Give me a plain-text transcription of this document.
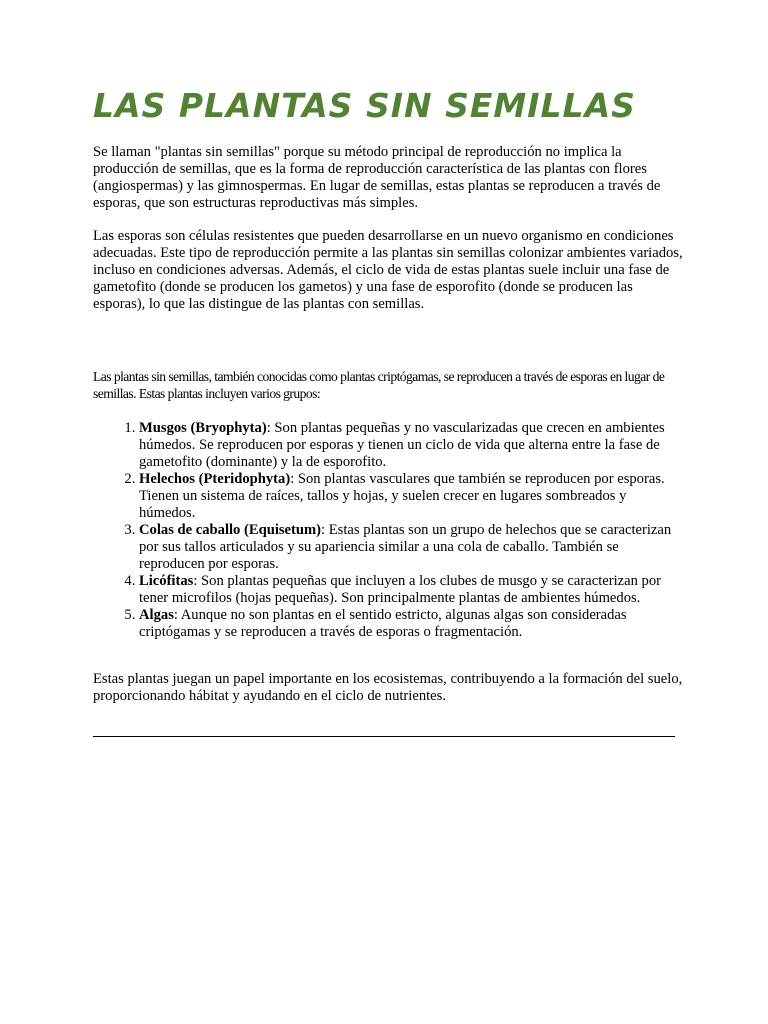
LAS PLANTAS SIN SEMILLAS

Se llaman "plantas sin semillas" porque su método principal de reproducción no implica la producción de semillas, que es la forma de reproducción característica de las plantas con flores (angiospermas) y las gimnospermas. En lugar de semillas, estas plantas se reproducen a través de esporas, que son estructuras reproductivas más simples.

Las esporas son células resistentes que pueden desarrollarse en un nuevo organismo en condiciones adecuadas. Este tipo de reproducción permite a las plantas sin semillas colonizar ambientes variados, incluso en condiciones adversas. Además, el ciclo de vida de estas plantas suele incluir una fase de gametofito (donde se producen los gametos) y una fase de esporofito (donde se producen las esporas), lo que las distingue de las plantas con semillas.

Las plantas sin semillas, también conocidas como plantas criptógamas, se reproducen a través de esporas en lugar de semillas. Estas plantas incluyen varios grupos:

1. Musgos (Bryophyta): Son plantas pequeñas y no vascularizadas que crecen en ambientes húmedos. Se reproducen por esporas y tienen un ciclo de vida que alterna entre la fase de gametofito (dominante) y la de esporofito.
2. Helechos (Pteridophyta): Son plantas vasculares que también se reproducen por esporas. Tienen un sistema de raíces, tallos y hojas, y suelen crecer en lugares sombreados y húmedos.
3. Colas de caballo (Equisetum): Estas plantas son un grupo de helechos que se caracterizan por sus tallos articulados y su apariencia similar a una cola de caballo. También se reproducen por esporas.
4. Licófitas: Son plantas pequeñas que incluyen a los clubes de musgo y se caracterizan por tener microfilos (hojas pequeñas). Son principalmente plantas de ambientes húmedos.
5. Algas: Aunque no son plantas en el sentido estricto, algunas algas son consideradas criptógamas y se reproducen a través de esporas o fragmentación.

Estas plantas juegan un papel importante en los ecosistemas, contribuyendo a la formación del suelo, proporcionando hábitat y ayudando en el ciclo de nutrientes.
